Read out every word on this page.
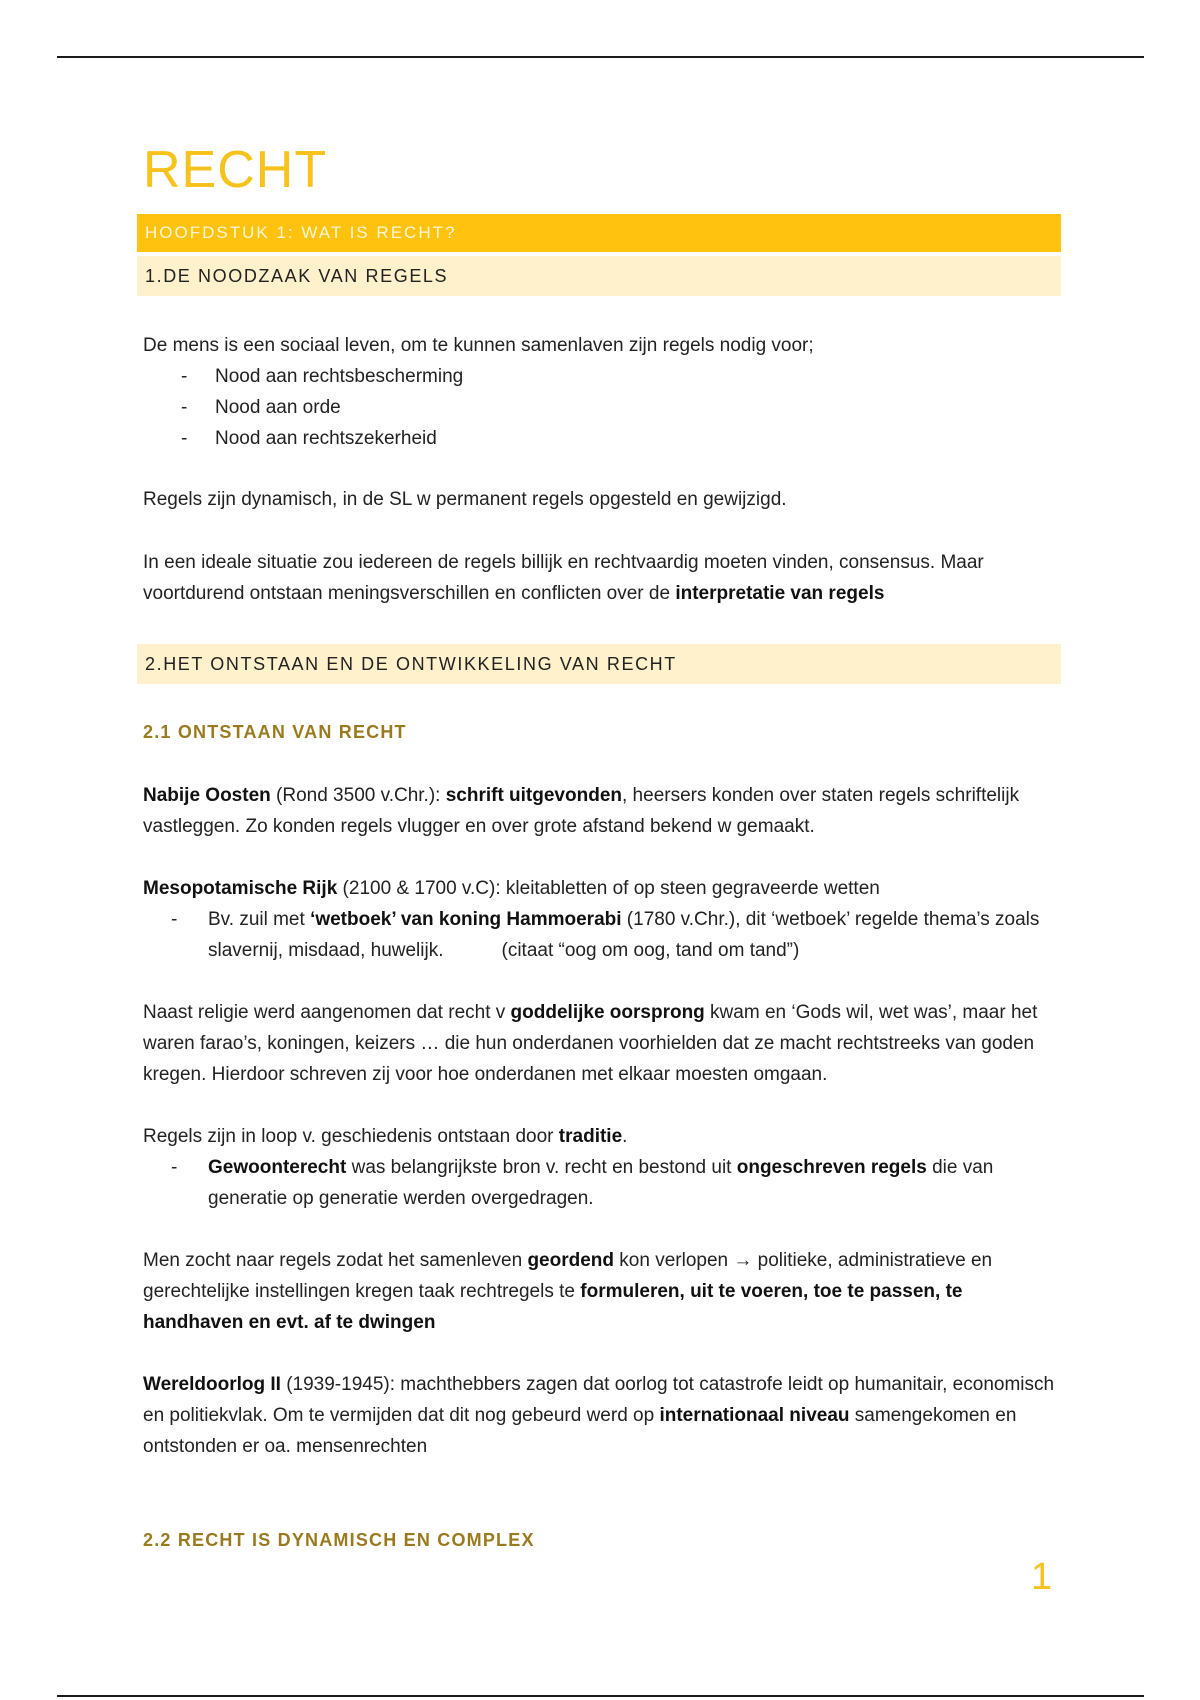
RECHT
HOOFDSTUK 1: WAT IS RECHT?
1.DE NOODZAAK VAN REGELS
De mens is een sociaal leven, om te kunnen samenlaven zijn regels nodig voor;
- Nood aan rechtsbescherming
- Nood aan orde
- Nood aan rechtszekerheid
Regels zijn dynamisch, in de SL w permanent regels opgesteld en gewijzigd.
In een ideale situatie zou iedereen de regels billijk en rechtvaardig moeten vinden, consensus. Maar voortdurend ontstaan meningsverschillen en conflicten over de interpretatie van regels
2.HET ONTSTAAN EN DE ONTWIKKELING VAN RECHT
2.1 ONTSTAAN VAN RECHT
Nabije Oosten (Rond 3500 v.Chr.): schrift uitgevonden, heersers konden over staten regels schriftelijk vastleggen. Zo konden regels vlugger en over grote afstand bekend w gemaakt.
Mesopotamische Rijk (2100 & 1700 v.C): kleitabletten of op steen gegraveerde wetten
- Bv. zuil met ‘wetboek’ van koning Hammoerabi (1780 v.Chr.), dit ‘wetboek’ regelde thema’s zoals slavernij, misdaad, huwelijk.	(citaat “oog om oog, tand om tand”)
Naast religie werd aangenomen dat recht v goddelijke oorsprong kwam en ‘Gods wil, wet was’, maar het waren farao’s, koningen, keizers … die hun onderdanen voorhielden dat ze macht rechtstreeks van goden kregen. Hierdoor schreven zij voor hoe onderdanen met elkaar moesten omgaan.
Regels zijn in loop v. geschiedenis ontstaan door traditie.
- Gewoonterecht was belangrijkste bron v. recht en bestond uit ongeschreven regels die van generatie op generatie werden overgedragen.
Men zocht naar regels zodat het samenleven geordend kon verlopen → politieke, administratieve en gerechtelijke instellingen kregen taak rechtregels te formuleren, uit te voeren, toe te passen, te handhaven en evt. af te dwingen
Wereldoorlog II (1939-1945): machthebbers zagen dat oorlog tot catastrofe leidt op humanitair, economisch en politiekvlak. Om te vermijden dat dit nog gebeurd werd op internationaal niveau samengekomen en ontstonden er oa. mensenrechten
2.2 RECHT IS DYNAMISCH EN COMPLEX
1
